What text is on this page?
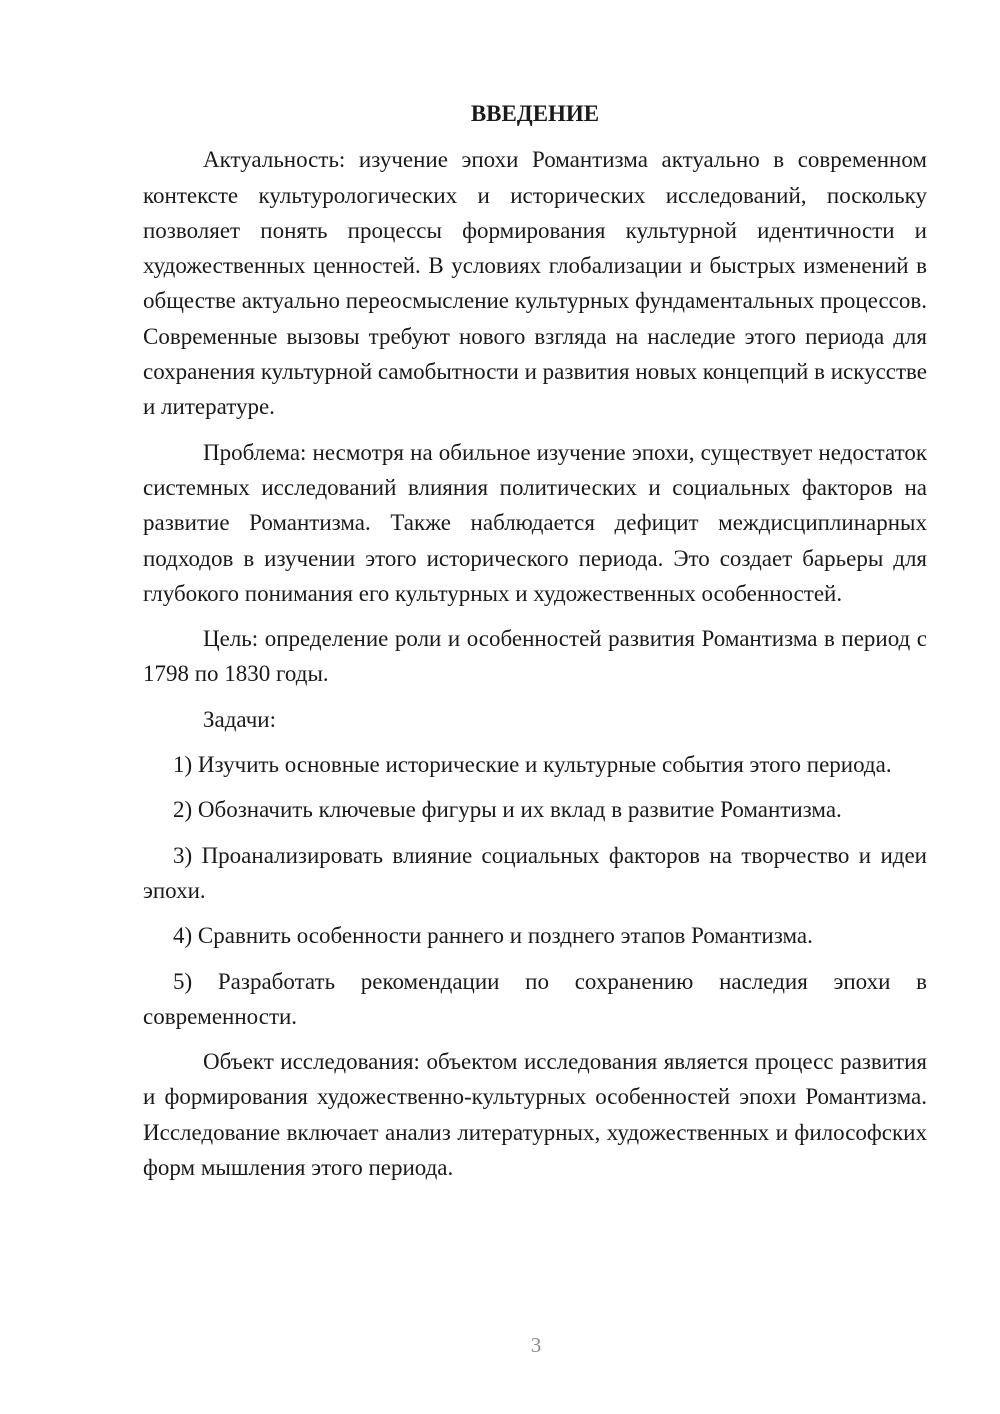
ВВЕДЕНИЕ

Актуальность: изучение эпохи Романтизма актуально в современном контексте культурологических и исторических исследований, поскольку позволяет понять процессы формирования культурной идентичности и художественных ценностей. В условиях глобализации и быстрых изменений в обществе актуально переосмысление культурных фундаментальных процессов. Современные вызовы требуют нового взгляда на наследие этого периода для сохранения культурной самобытности и развития новых концепций в искусстве и литературе.

Проблема: несмотря на обильное изучение эпохи, существует недостаток системных исследований влияния политических и социальных факторов на развитие Романтизма. Также наблюдается дефицит междисциплинарных подходов в изучении этого исторического периода. Это создает барьеры для глубокого понимания его культурных и художественных особенностей.

Цель: определение роли и особенностей развития Романтизма в период с 1798 по 1830 годы.

Задачи:

1) Изучить основные исторические и культурные события этого периода.

2) Обозначить ключевые фигуры и их вклад в развитие Романтизма.

3) Проанализировать влияние социальных факторов на творчество и идеи эпохи.

4) Сравнить особенности раннего и позднего этапов Романтизма.

5) Разработать рекомендации по сохранению наследия эпохи в современности.

Объект исследования: объектом исследования является процесс развития и формирования художественно-культурных особенностей эпохи Романтизма. Исследование включает анализ литературных, художественных и философских форм мышления этого периода.

3
